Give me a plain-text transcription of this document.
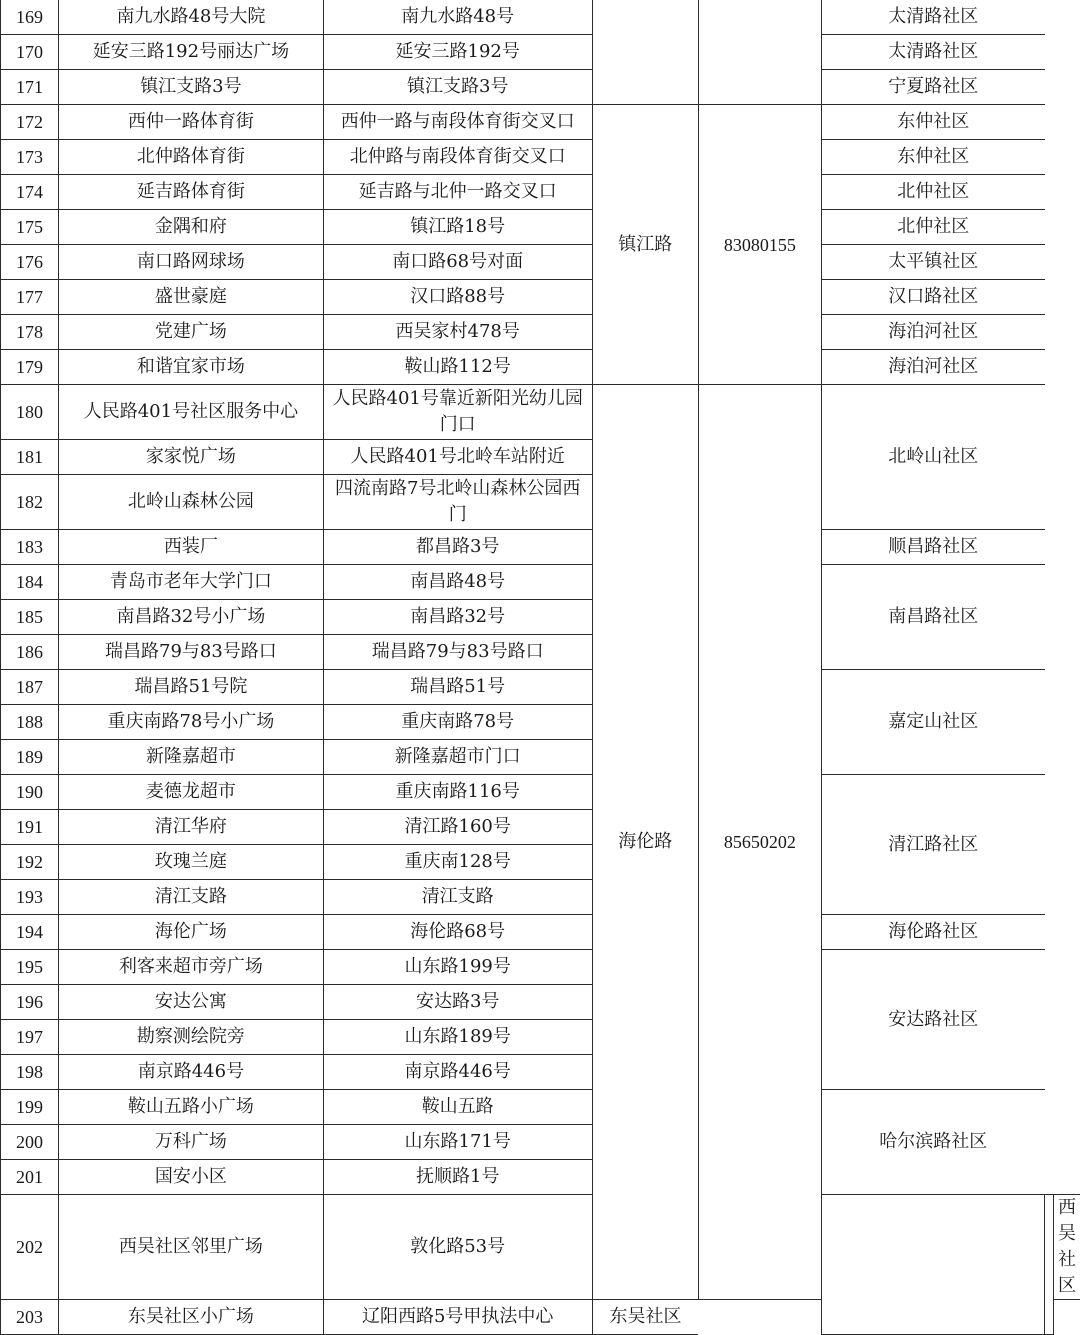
169	南九水路48号大院	南九水路48号			太清路社区		
170	延安三路192号丽达广场	延安三路192号			太清路社区		
171	镇江支路3号	镇江支路3号			宁夏路社区		
172	西仲一路体育街	西仲一路与南段体育街交叉口	镇江路	83080155	东仲社区		
173	北仲路体育街	北仲路与南段体育街交叉口			东仲社区		
174	延吉路体育街	延吉路与北仲一路交叉口			北仲社区		
175	金隅和府	镇江路18号			北仲社区		
176	南口路网球场	南口路68号对面			太平镇社区		
177	盛世豪庭	汉口路88号			汉口路社区		
178	党建广场	西吴家村478号			海泊河社区		
179	和谐宜家市场	鞍山路112号			海泊河社区		
180	人民路401号社区服务中心	人民路401号靠近新阳光幼儿园门口	海伦路	85650202	北岭山社区		
181	家家悦广场	人民路401号北岭车站附近					
182	北岭山森林公园	四流南路7号北岭山森林公园西门					
183	西装厂	都昌路3号			顺昌路社区		
184	青岛市老年大学门口	南昌路48号			南昌路社区		
185	南昌路32号小广场	南昌路32号					
186	瑞昌路79与83号路口	瑞昌路79与83号路口					
187	瑞昌路51号院	瑞昌路51号			嘉定山社区		
188	重庆南路78号小广场	重庆南路78号					
189	新隆嘉超市	新隆嘉超市门口					
190	麦德龙超市	重庆南路116号			清江路社区		
191	清江华府	清江路160号					
192	玫瑰兰庭	重庆南128号					
193	清江支路	清江支路					
194	海伦广场	海伦路68号			海伦路社区		
195	利客来超市旁广场	山东路199号			安达路社区		
196	安达公寓	安达路3号					
197	勘察测绘院旁	山东路189号					
198	南京路446号	南京路446号					
199	鞍山五路小广场	鞍山五路			哈尔滨路社区		
200	万科广场	山东路171号					
201	国安小区	抚顺路1号					
202	西吴社区邻里广场	敦化路53号					西吴社区
203	东吴社区小广场	辽阳西路5号甲执法中心	东吴社区				
